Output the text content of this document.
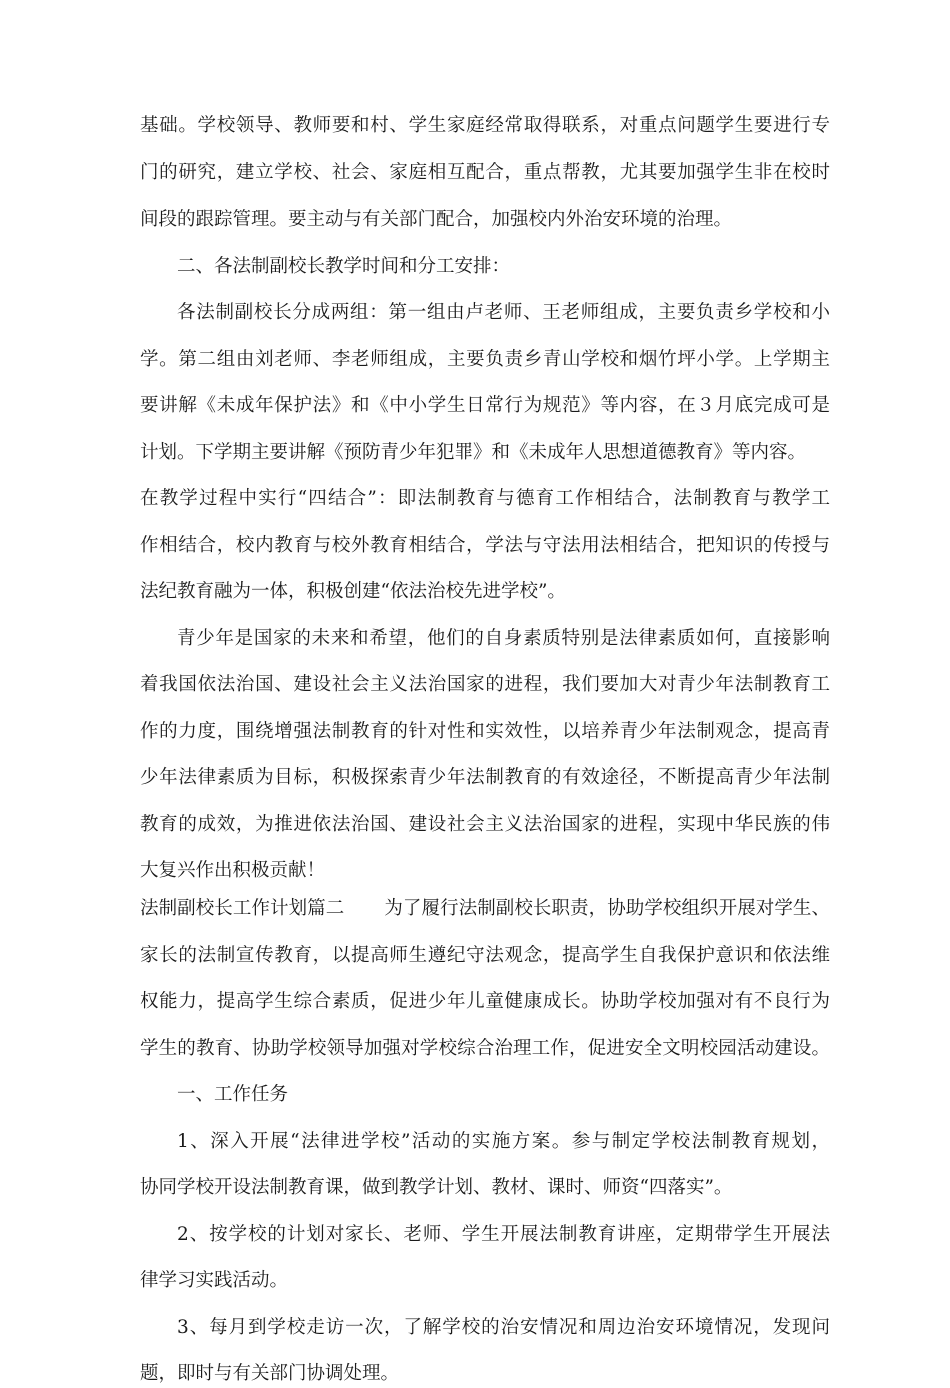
基础。学校领导、教师要和村、学生家庭经常取得联系，对重点问题学生要进行专
门的研究，建立学校、社会、家庭相互配合，重点帮教，尤其要加强学生非在校时
间段的跟踪管理。要主动与有关部门配合，加强校内外治安环境的治理。
二、各法制副校长教学时间和分工安排：
各法制副校长分成两组：第一组由卢老师、王老师组成，主要负责乡学校和小
学。第二组由刘老师、李老师组成，主要负责乡青山学校和烟竹坪小学。上学期主
要讲解《未成年保护法》和《中小学生日常行为规范》等内容，在３月底完成可是
计划。下学期主要讲解《预防青少年犯罪》和《未成年人思想道德教育》等内容。
在教学过程中实行“四结合”：即法制教育与德育工作相结合，法制教育与教学工
作相结合，校内教育与校外教育相结合，学法与守法用法相结合，把知识的传授与
法纪教育融为一体，积极创建“依法治校先进学校”。
青少年是国家的未来和希望，他们的自身素质特别是法律素质如何，直接影响
着我国依法治国、建设社会主义法治国家的进程，我们要加大对青少年法制教育工
作的力度，围绕增强法制教育的针对性和实效性，以培养青少年法制观念，提高青
少年法律素质为目标，积极探索青少年法制教育的有效途径，不断提高青少年法制
教育的成效，为推进依法治国、建设社会主义法治国家的进程，实现中华民族的伟
大复兴作出积极贡献！
法制副校长工作计划篇二 为了履行法制副校长职责，协助学校组织开展对学生、
家长的法制宣传教育，以提高师生遵纪守法观念，提高学生自我保护意识和依法维
权能力，提高学生综合素质，促进少年儿童健康成长。协助学校加强对有不良行为
学生的教育、协助学校领导加强对学校综合治理工作，促进安全文明校园活动建设。
一、工作任务
1、深入开展“法律进学校”活动的实施方案。参与制定学校法制教育规划，
协同学校开设法制教育课，做到教学计划、教材、课时、师资“四落实”。
2、按学校的计划对家长、老师、学生开展法制教育讲座，定期带学生开展法
律学习实践活动。
3、每月到学校走访一次，了解学校的治安情况和周边治安环境情况，发现问
题，即时与有关部门协调处理。
